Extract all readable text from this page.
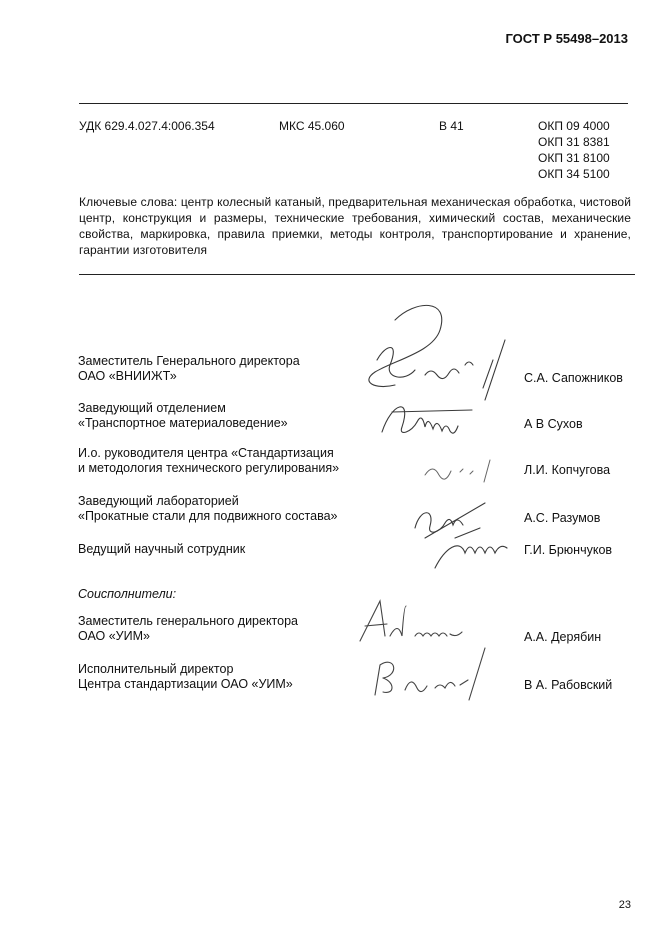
ГОСТ Р 55498–2013
УДК 629.4.027.4:006.354	МКС 45.060	В 41	ОКП 09 4000
ОКП 31 8381
ОКП 31 8100
ОКП 34 5100
Ключевые слова: центр колесный катаный, предварительная механическая обработка, чистовой центр, конструкция и размеры, технические требования, химический состав, механические свойства, маркировка, правила приемки, методы контроля, транспортирование и хранение, гарантии изготовителя
Заместитель Генерального директора
ОАО «ВНИИЖТ»	С.А. Сапожников
Заведующий отделением
«Транспортное материаловедение»	А В Сухов
И.о. руководителя центра «Стандартизация
и методология технического регулирования»	Л.И. Копчугова
Заведующий лабораторией
«Прокатные стали для подвижного состава»	А.С. Разумов
Ведущий научный сотрудник	Г.И. Брюнчуков
Соисполнители:
Заместитель генерального директора
ОАО «УИМ»	А.А. Дерябин
Исполнительный директор
Центра стандартизации ОАО «УИМ»	В А. Рабовский
23
